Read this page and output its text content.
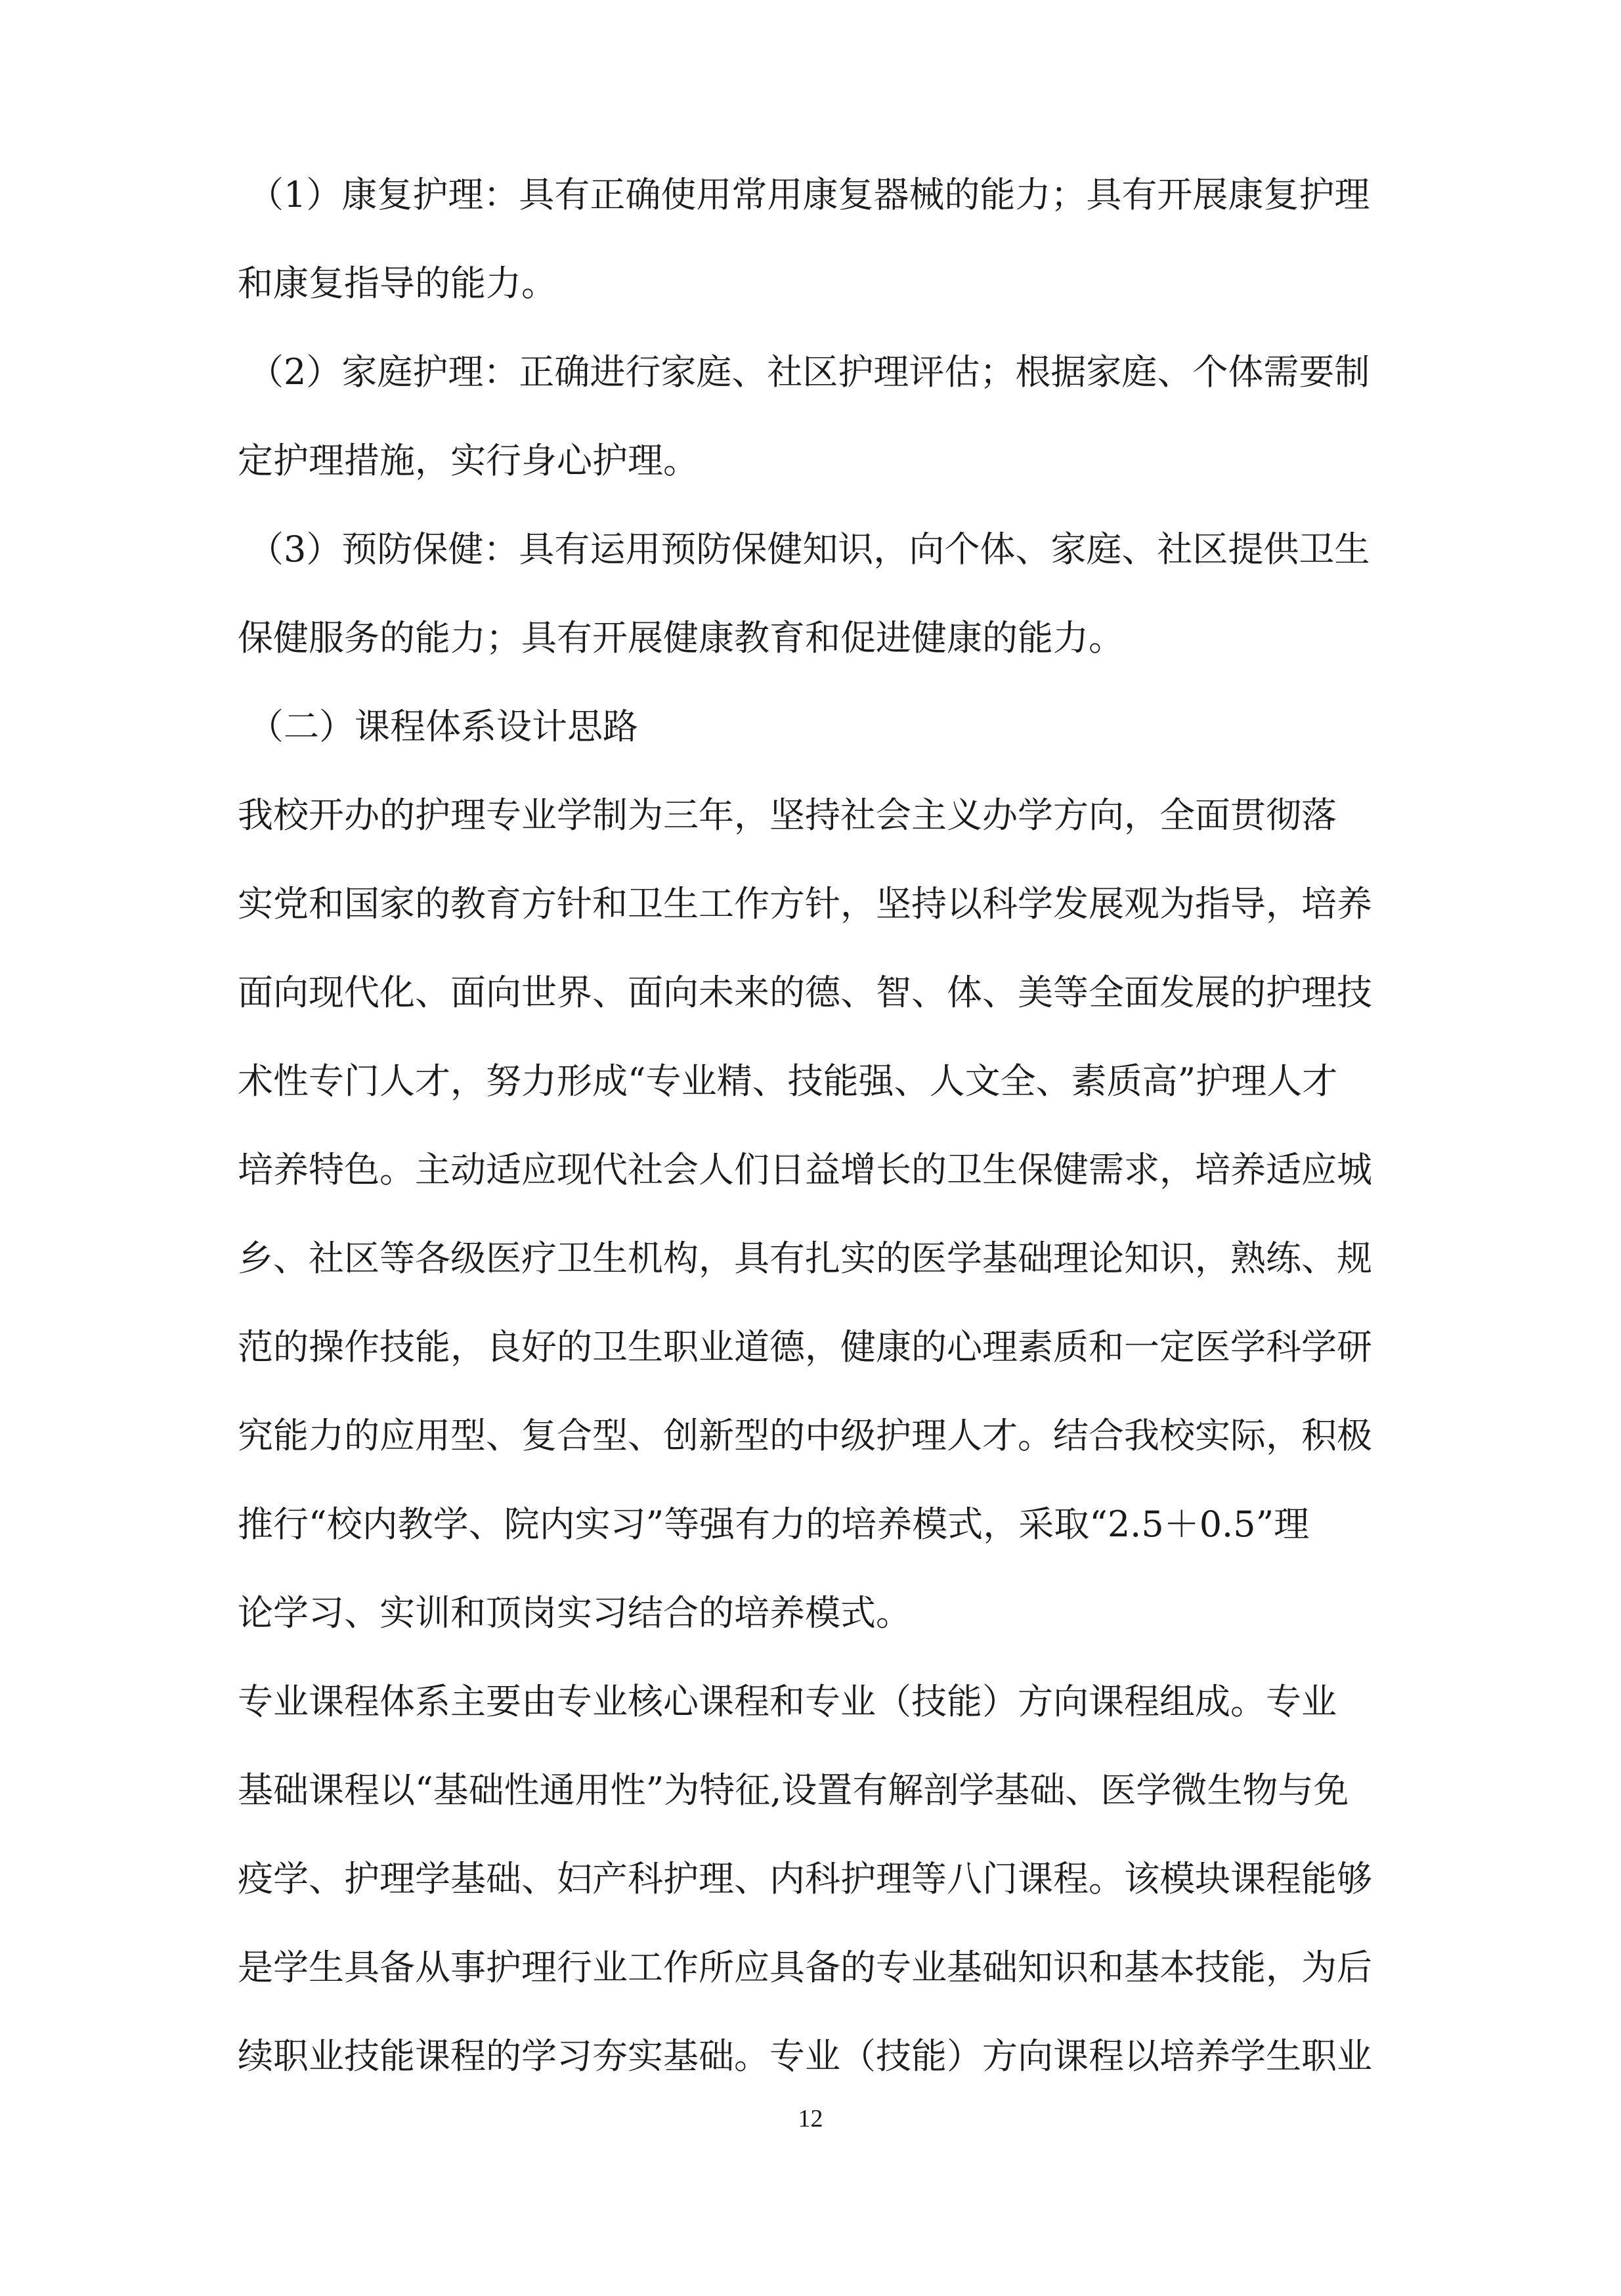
（1）康复护理：具有正确使用常用康复器械的能力；具有开展康复护理
和康复指导的能力。
（2）家庭护理：正确进行家庭、社区护理评估；根据家庭、个体需要制
定护理措施，实行身心护理。
（3）预防保健：具有运用预防保健知识，向个体、家庭、社区提供卫生
保健服务的能力；具有开展健康教育和促进健康的能力。
（二）课程体系设计思路
我校开办的护理专业学制为三年，坚持社会主义办学方向，全面贯彻落
实党和国家的教育方针和卫生工作方针，坚持以科学发展观为指导，培养
面向现代化、面向世界、面向未来的德、智、体、美等全面发展的护理技
术性专门人才，努力形成“专业精、技能强、人文全、素质高”护理人才
培养特色。主动适应现代社会人们日益增长的卫生保健需求，培养适应城
乡、社区等各级医疗卫生机构，具有扎实的医学基础理论知识，熟练、规
范的操作技能，良好的卫生职业道德，健康的心理素质和一定医学科学研
究能力的应用型、复合型、创新型的中级护理人才。结合我校实际，积极
推行“校内教学、院内实习”等强有力的培养模式，采取“2.5＋0.5”理
论学习、实训和顶岗实习结合的培养模式。
专业课程体系主要由专业核心课程和专业（技能）方向课程组成。专业
基础课程以“基础性通用性”为特征,设置有解剖学基础、医学微生物与免
疫学、护理学基础、妇产科护理、内科护理等八门课程。该模块课程能够
是学生具备从事护理行业工作所应具备的专业基础知识和基本技能，为后
续职业技能课程的学习夯实基础。专业（技能）方向课程以培养学生职业
12
